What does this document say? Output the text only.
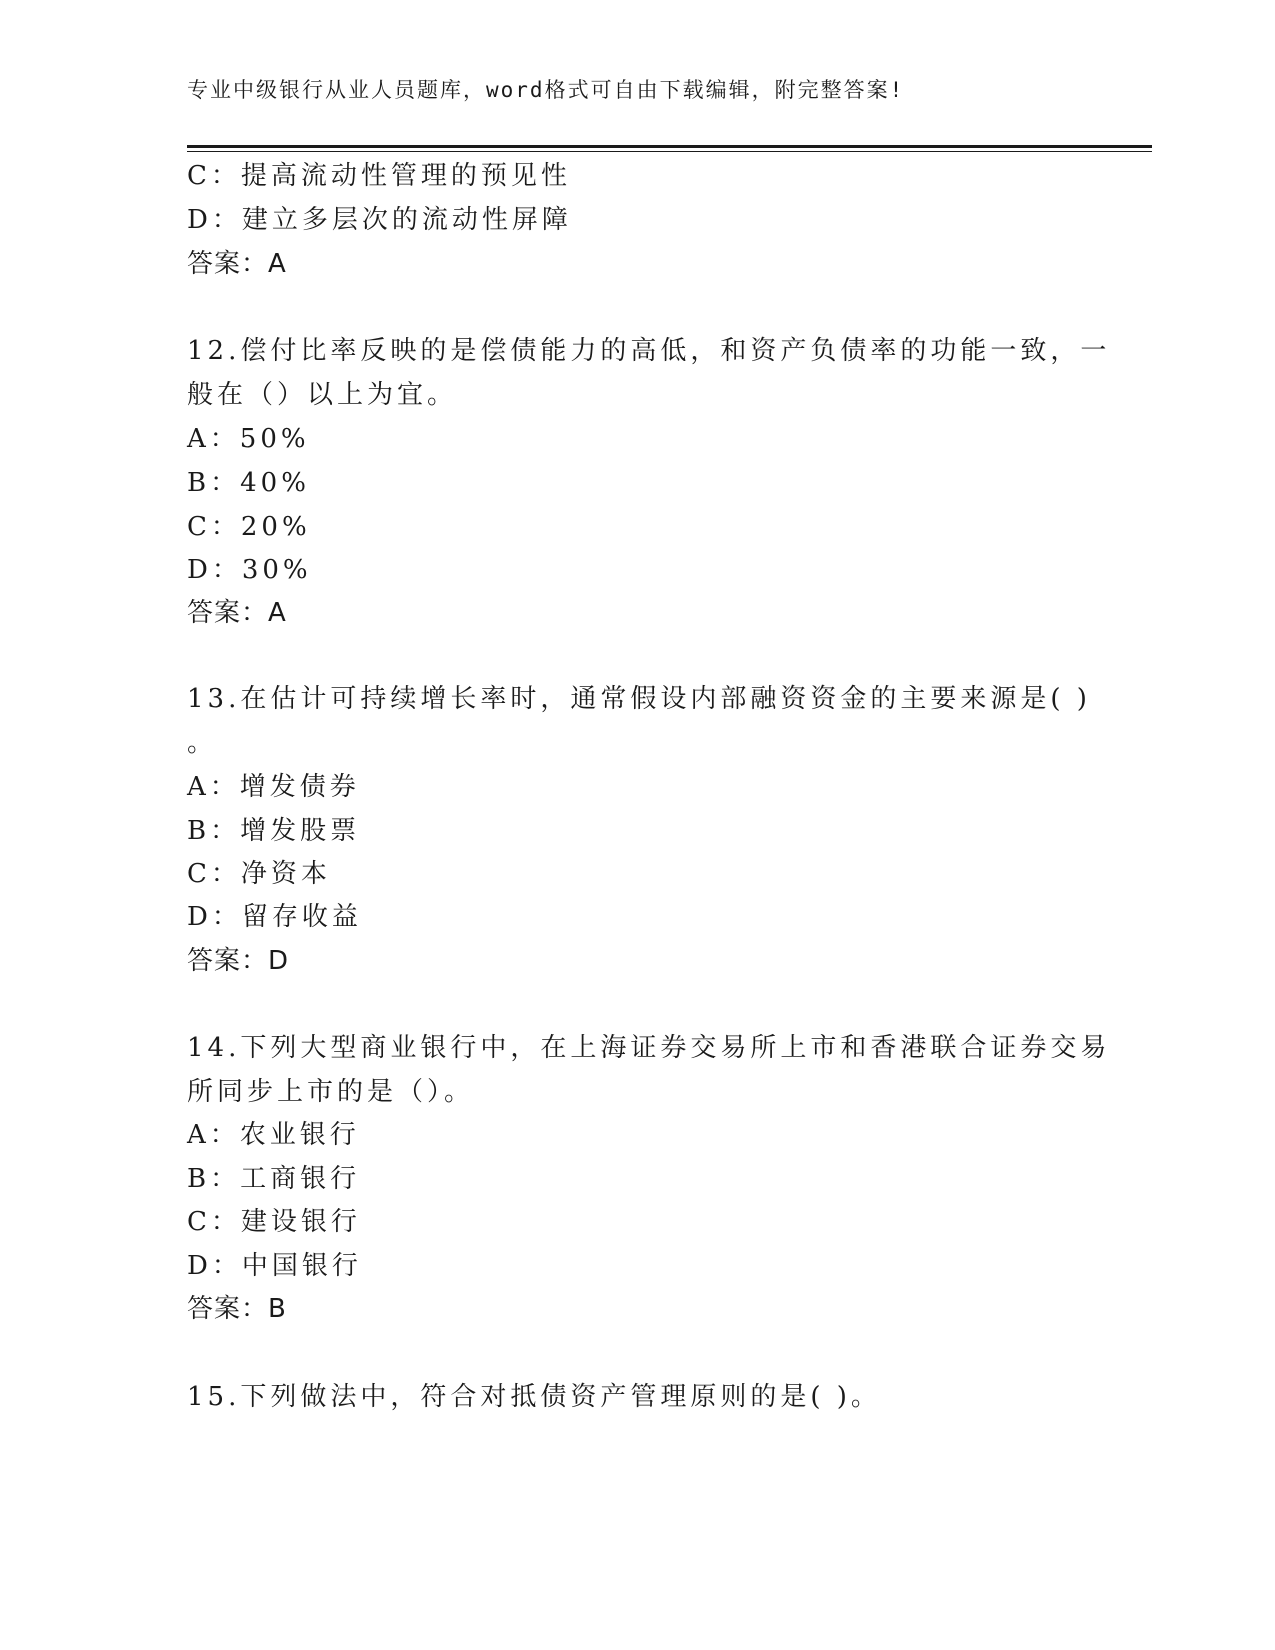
专业中级银行从业人员题库，word格式可自由下载编辑，附完整答案!
C：提高流动性管理的预见性
D：建立多层次的流动性屏障
答案：A
12.偿付比率反映的是偿债能力的高低，和资产负债率的功能一致，一
般在（）以上为宜。
A：50%
B：40%
C：20%
D：30%
答案：A
13.在估计可持续增长率时，通常假设内部融资资金的主要来源是( )
。
A：增发债券
B：增发股票
C：净资本
D：留存收益
答案：D
14.下列大型商业银行中，在上海证券交易所上市和香港联合证券交易
所同步上市的是（）。
A：农业银行
B：工商银行
C：建设银行
D：中国银行
答案：B
15.下列做法中，符合对抵债资产管理原则的是( )。
